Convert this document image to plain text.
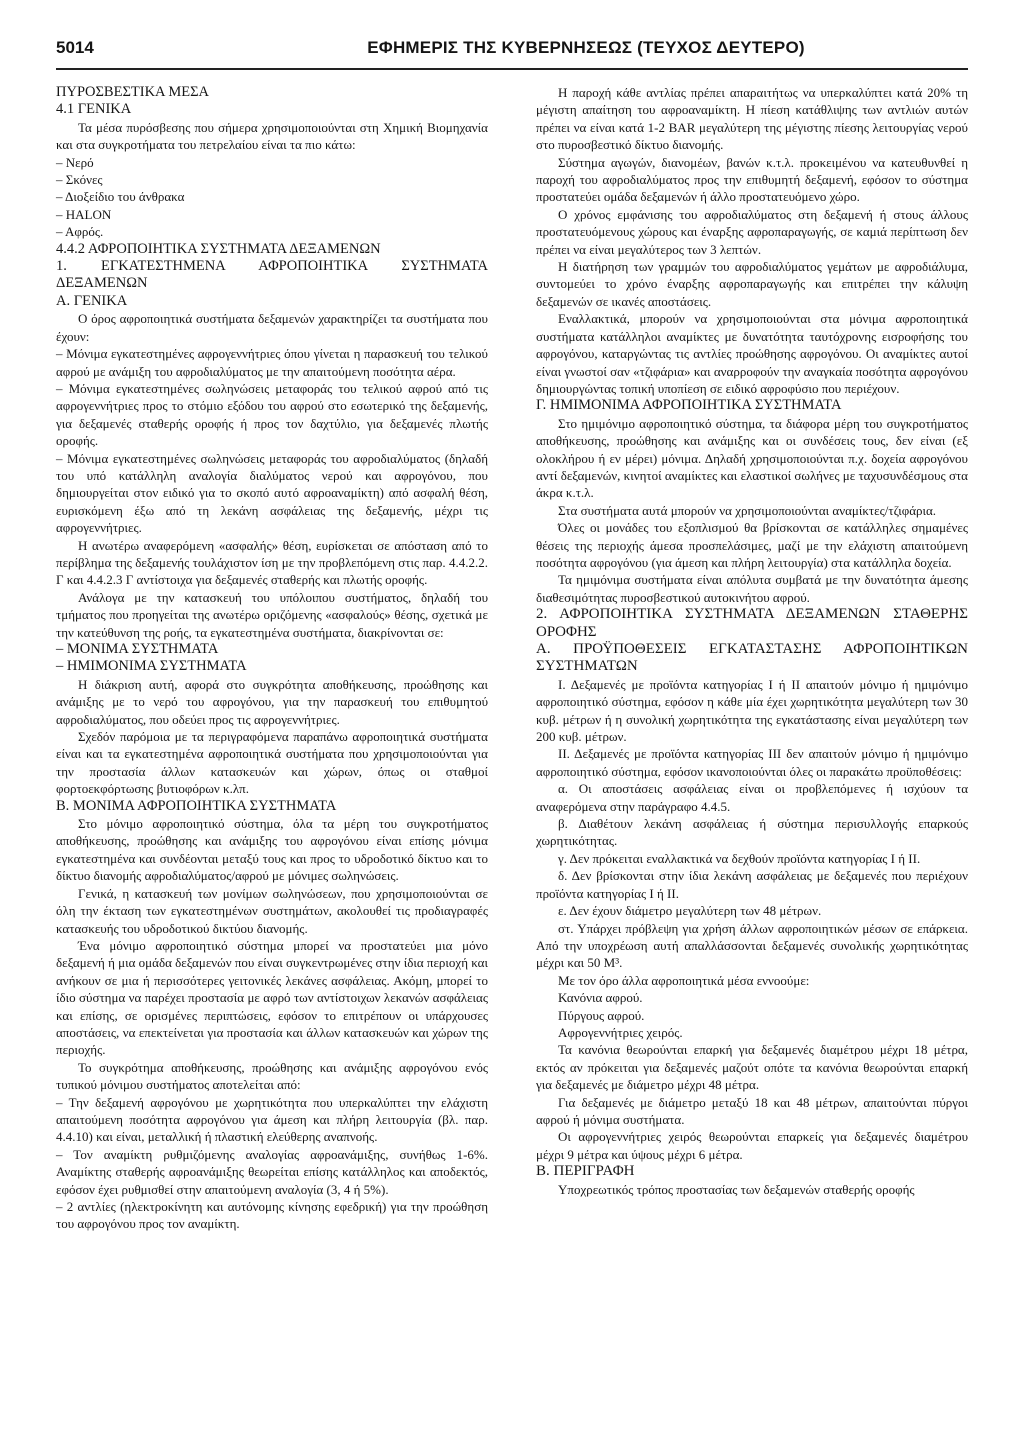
5014	ΕΦΗΜΕΡΙΣ ΤΗΣ ΚΥΒΕΡΝΗΣΕΩΣ (ΤΕΥΧΟΣ ΔΕΥΤΕΡΟ)

ΠΥΡΟΣΒΕΣΤΙΚΑ ΜΕΣΑ

4.1 ΓΕΝΙΚΑ

Τα μέσα πυρόσβεσης που σήμερα χρησιμοποιούνται στη Χημική Βιομηχανία και στα συγκροτήματα του πετρελαίου είναι τα πιο κάτω:

– Νερό

– Σκόνες

– Διοξείδιο του άνθρακα

– HALON

– Αφρός.

4.4.2 ΑΦΡΟΠΟΙΗΤΙΚΑ ΣΥΣΤΗΜΑΤΑ ΔΕΞΑΜΕΝΩΝ

1. ΕΓΚΑΤΕΣΤΗΜΕΝΑ ΑΦΡΟΠΟΙΗΤΙΚΑ ΣΥΣΤΗΜΑΤΑ ΔΕΞΑΜΕΝΩΝ

Α. ΓΕΝΙΚΑ

Ο όρος αφροποιητικά συστήματα δεξαμενών χαρακτηρίζει τα συστήματα που έχουν:

– Μόνιμα εγκατεστημένες αφρογεννήτριες όπου γίνεται η παρασκευή του τελικού αφρού με ανάμιξη του αφροδιαλύματος με την απαιτούμενη ποσότητα αέρα.

– Μόνιμα εγκατεστημένες σωληνώσεις μεταφοράς του τελικού αφρού από τις αφρογεννήτριες προς το στόμιο εξόδου του αφρού στο εσωτερικό της δεξαμενής, για δεξαμενές σταθερής οροφής ή προς τον δαχτύλιο, για δεξαμενές πλωτής οροφής.

– Μόνιμα εγκατεστημένες σωληνώσεις μεταφοράς του αφροδιαλύματος (δηλαδή του υπό κατάλληλη αναλογία διαλύματος νερού και αφρογόνου, που δημιουργείται στον ειδικό για το σκοπό αυτό αφροαναμίκτη) από ασφαλή θέση, ευρισκόμενη έξω από τη λεκάνη ασφάλειας της δεξαμενής, μέχρι τις αφρογεννήτριες.

Η ανωτέρω αναφερόμενη «ασφαλής» θέση, ευρίσκεται σε απόσταση από το περίβλημα της δεξαμενής τουλάχιστον ίση με την προβλεπόμενη στις παρ. 4.4.2.2. Γ και 4.4.2.3 Γ αντίστοιχα για δεξαμενές σταθερής και πλωτής οροφής.

Ανάλογα με την κατασκευή του υπόλοιπου συστήματος, δηλαδή του τμήματος που προηγείται της ανωτέρω οριζόμενης «ασφαλούς» θέσης, σχετικά με την κατεύθυνση της ροής, τα εγκατεστημένα συστήματα, διακρίνονται σε:

– ΜΟΝΙΜΑ ΣΥΣΤΗΜΑΤΑ

– ΗΜΙΜΟΝΙΜΑ ΣΥΣΤΗΜΑΤΑ

Η διάκριση αυτή, αφορά στο συγκρότητα αποθήκευσης, προώθησης και ανάμιξης με το νερό του αφρογόνου, για την παρασκευή του επιθυμητού αφροδιαλύματος, που οδεύει προς τις αφρογεννήτριες.

Σχεδόν παρόμοια με τα περιγραφόμενα παραπάνω αφροποιητικά συστήματα είναι και τα εγκατεστημένα αφροποιητικά συστήματα που χρησιμοποιούνται για την προστασία άλλων κατασκευών και χώρων, όπως οι σταθμοί φορτοεκφόρτωσης βυτιοφόρων κ.λπ.

Β. ΜΟΝΙΜΑ ΑΦΡΟΠΟΙΗΤΙΚΑ ΣΥΣΤΗΜΑΤΑ

Στο μόνιμο αφροποιητικό σύστημα, όλα τα μέρη του συγκροτήματος αποθήκευσης, προώθησης και ανάμιξης του αφρογόνου είναι επίσης μόνιμα εγκατεστημένα και συνδέονται μεταξύ τους και προς το υδροδοτικό δίκτυο και το δίκτυο διανομής αφροδιαλύματος/αφρού με μόνιμες σωληνώσεις.

Γενικά, η κατασκευή των μονίμων σωληνώσεων, που χρησιμοποιούνται σε όλη την έκταση των εγκατεστημένων συστημάτων, ακολουθεί τις προδιαγραφές κατασκευής του υδροδοτικού δικτύου διανομής.

Ένα μόνιμο αφροποιητικό σύστημα μπορεί να προστατεύει μια μόνο δεξαμενή ή μια ομάδα δεξαμενών που είναι συγκεντρωμένες στην ίδια περιοχή και ανήκουν σε μια ή περισσότερες γειτονικές λεκάνες ασφάλειας. Ακόμη, μπορεί το ίδιο σύστημα να παρέχει προστασία με αφρό των αντίστοιχων λεκανών ασφάλειας και επίσης, σε ορισμένες περιπτώσεις, εφόσον το επιτρέπουν οι υπάρχουσες αποστάσεις, να επεκτείνεται για προστασία και άλλων κατασκευών και χώρων της περιοχής.

Το συγκρότημα αποθήκευσης, προώθησης και ανάμιξης αφρογόνου ενός τυπικού μόνιμου συστήματος αποτελείται από:

– Την δεξαμενή αφρογόνου με χωρητικότητα που υπερκαλύπτει την ελάχιστη απαιτούμενη ποσότητα αφρογόνου για άμεση και πλήρη λειτουργία (βλ. παρ. 4.4.10) και είναι, μεταλλική ή πλαστική ελεύθερης αναπνοής.

– Τον αναμίκτη ρυθμιζόμενης αναλογίας αφροανάμιξης, συνήθως 1-6%. Αναμίκτης σταθερής αφροανάμιξης θεωρείται επίσης κατάλληλος και αποδεκτός, εφόσον έχει ρυθμισθεί στην απαιτούμενη αναλογία (3, 4 ή 5%).

– 2 αντλίες (ηλεκτροκίνητη και αυτόνομης κίνησης εφεδρική) για την προώθηση του αφρογόνου προς τον αναμίκτη.

Η παροχή κάθε αντλίας πρέπει απαραιτήτως να υπερκαλύπτει κατά 20% τη μέγιστη απαίτηση του αφροαναμίκτη. Η πίεση κατάθλιψης των αντλιών αυτών πρέπει να είναι κατά 1-2 BAR μεγαλύτερη της μέγιστης πίεσης λειτουργίας νερού στο πυροσβεστικό δίκτυο διανομής.

Σύστημα αγωγών, διανομέων, βανών κ.τ.λ. προκειμένου να κατευθυνθεί η παροχή του αφροδιαλύματος προς την επιθυμητή δεξαμενή, εφόσον το σύστημα προστατεύει ομάδα δεξαμενών ή άλλο προστατευόμενο χώρο.

Ο χρόνος εμφάνισης του αφροδιαλύματος στη δεξαμενή ή στους άλλους προστατευόμενους χώρους και έναρξης αφροπαραγωγής, σε καμιά περίπτωση δεν πρέπει να είναι μεγαλύτερος των 3 λεπτών.

Η διατήρηση των γραμμών του αφροδιαλύματος γεμάτων με αφροδιάλυμα, συντομεύει το χρόνο έναρξης αφροπαραγωγής και επιτρέπει την κάλυψη δεξαμενών σε ικανές αποστάσεις.

Εναλλακτικά, μπορούν να χρησιμοποιούνται στα μόνιμα αφροποιητικά συστήματα κατάλληλοι αναμίκτες με δυνατότητα ταυτόχρονης εισροφήσης του αφρογόνου, καταργώντας τις αντλίες προώθησης αφρογόνου. Οι αναμίκτες αυτοί είναι γνωστοί σαν «τζιφάρια» και αναρροφούν την αναγκαία ποσότητα αφρογόνου δημιουργώντας τοπική υποπίεση σε ειδικό αφροφύσιο που περιέχουν.

Γ. ΗΜΙΜΟΝΙΜΑ ΑΦΡΟΠΟΙΗΤΙΚΑ ΣΥΣΤΗΜΑΤΑ

Στο ημιμόνιμο αφροποιητικό σύστημα, τα διάφορα μέρη του συγκροτήματος αποθήκευσης, προώθησης και ανάμιξης και οι συνδέσεις τους, δεν είναι (εξ ολοκλήρου ή εν μέρει) μόνιμα. Δηλαδή χρησιμοποιούνται π.χ. δοχεία αφρογόνου αντί δεξαμενών, κινητοί αναμίκτες και ελαστικοί σωλήνες με ταχυσυνδέσμους στα άκρα κ.τ.λ.

Στα συστήματα αυτά μπορούν να χρησιμοποιούνται αναμίκτες/τζιφάρια.

Όλες οι μονάδες του εξοπλισμού θα βρίσκονται σε κατάλληλες σημαμένες θέσεις της περιοχής άμεσα προσπελάσιμες, μαζί με την ελάχιστη απαιτούμενη ποσότητα αφρογόνου (για άμεση και πλήρη λειτουργία) στα κατάλληλα δοχεία.

Τα ημιμόνιμα συστήματα είναι απόλυτα συμβατά με την δυνατότητα άμεσης διαθεσιμότητας πυροσβεστικού αυτοκινήτου αφρού.

2. ΑΦΡΟΠΟΙΗΤΙΚΑ ΣΥΣΤΗΜΑΤΑ ΔΕΞΑΜΕΝΩΝ ΣΤΑΘΕΡΗΣ ΟΡΟΦΗΣ

Α. ΠΡΟΫΠΟΘΕΣΕΙΣ ΕΓΚΑΤΑΣΤΑΣΗΣ ΑΦΡΟΠΟΙΗΤΙΚΩΝ ΣΥΣΤΗΜΑΤΩΝ

Ι. Δεξαμενές με προϊόντα κατηγορίας Ι ή ΙΙ απαιτούν μόνιμο ή ημιμόνιμο αφροποιητικό σύστημα, εφόσον η κάθε μία έχει χωρητικότητα μεγαλύτερη των 30 κυβ. μέτρων ή η συνολική χωρητικότητα της εγκατάστασης είναι μεγαλύτερη των 200 κυβ. μέτρων.

ΙΙ. Δεξαμενές με προϊόντα κατηγορίας ΙΙΙ δεν απαιτούν μόνιμο ή ημιμόνιμο αφροποιητικό σύστημα, εφόσον ικανοποιούνται όλες οι παρακάτω προϋποθέσεις:

α. Οι αποστάσεις ασφάλειας είναι οι προβλεπόμενες ή ισχύουν τα αναφερόμενα στην παράγραφο 4.4.5.

β. Διαθέτουν λεκάνη ασφάλειας ή σύστημα περισυλλογής επαρκούς χωρητικότητας.

γ. Δεν πρόκειται εναλλακτικά να δεχθούν προϊόντα κατηγορίας Ι ή ΙΙ.

δ. Δεν βρίσκονται στην ίδια λεκάνη ασφάλειας με δεξαμενές που περιέχουν προϊόντα κατηγορίας Ι ή ΙΙ.

ε. Δεν έχουν διάμετρο μεγαλύτερη των 48 μέτρων.

στ. Υπάρχει πρόβλεψη για χρήση άλλων αφροποιητικών μέσων σε επάρκεια. Από την υποχρέωση αυτή απαλλάσσονται δεξαμενές συνολικής χωρητικότητας μέχρι και 50 Μ³.

Με τον όρο άλλα αφροποιητικά μέσα εννοούμε:

Κανόνια αφρού.

Πύργους αφρού.

Αφρογεννήτριες χειρός.

Τα κανόνια θεωρούνται επαρκή για δεξαμενές διαμέτρου μέχρι 18 μέτρα, εκτός αν πρόκειται για δεξαμενές μαζούτ οπότε τα κανόνια θεωρούνται επαρκή για δεξαμενές με διάμετρο μέχρι 48 μέτρα.

Για δεξαμενές με διάμετρο μεταξύ 18 και 48 μέτρων, απαιτούνται πύργοι αφρού ή μόνιμα συστήματα.

Οι αφρογεννήτριες χειρός θεωρούνται επαρκείς για δεξαμενές διαμέτρου μέχρι 9 μέτρα και ύψους μέχρι 6 μέτρα.

Β. ΠΕΡΙΓΡΑΦΗ

Υποχρεωτικός τρόπος προστασίας των δεξαμενών σταθερής οροφής
